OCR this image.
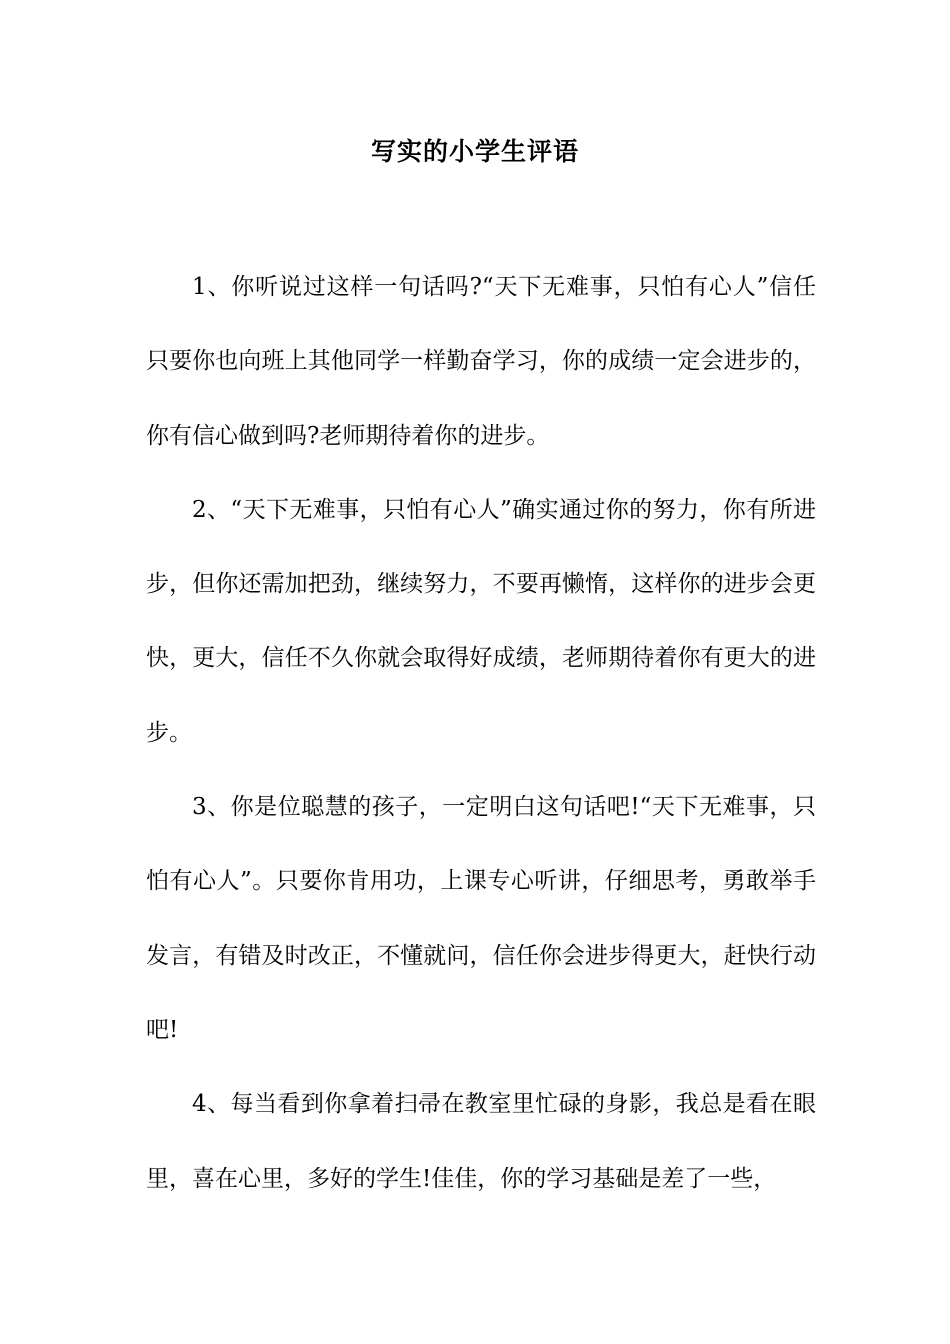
写实的小学生评语

1、你听说过这样一句话吗?“天下无难事，只怕有心人”信任只要你也向班上其他同学一样勤奋学习，你的成绩一定会进步的，你有信心做到吗?老师期待着你的进步。

2、“天下无难事，只怕有心人”确实通过你的努力，你有所进步，但你还需加把劲，继续努力，不要再懒惰，这样你的进步会更快，更大，信任不久你就会取得好成绩，老师期待着你有更大的进步。

3、你是位聪慧的孩子，一定明白这句话吧!“天下无难事，只怕有心人”。只要你肯用功，上课专心听讲，仔细思考，勇敢举手发言，有错及时改正，不懂就问，信任你会进步得更大，赶快行动吧!

4、每当看到你拿着扫帚在教室里忙碌的身影，我总是看在眼里，喜在心里，多好的学生!佳佳，你的学习基础是差了一些，
